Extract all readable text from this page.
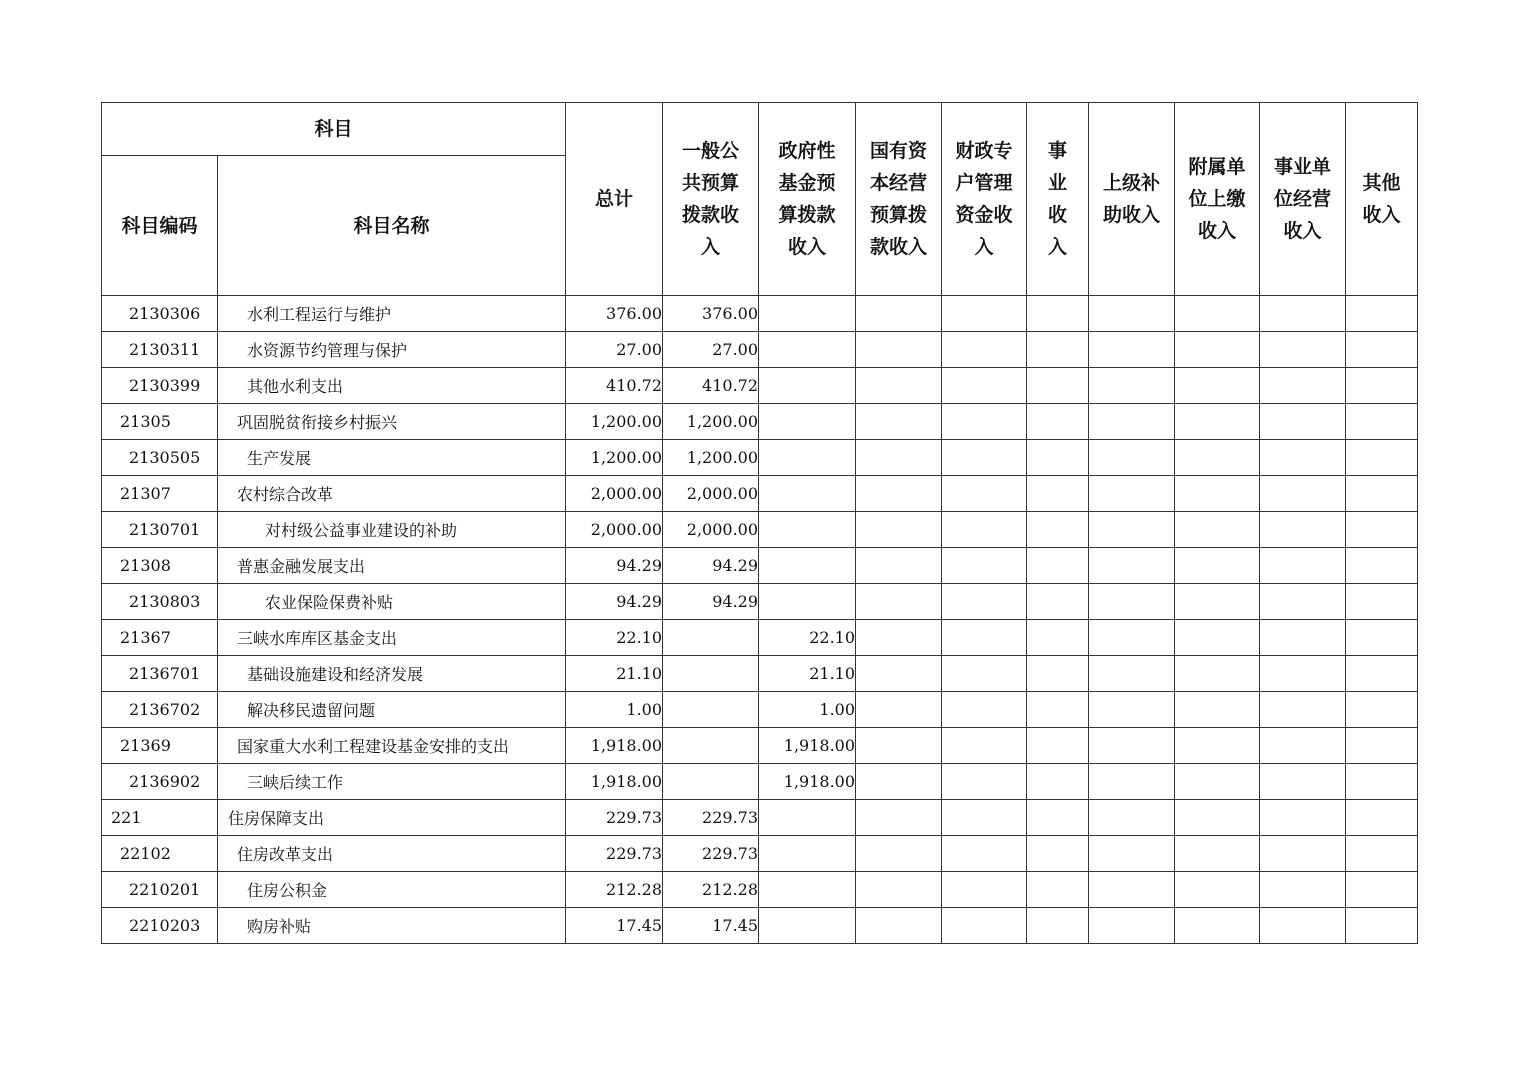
科目		总计	一般公
共预算
拨款收
入	政府性
基金预
算拨款
收入	国有资
本经营
预算拨
款收入	财政专
户管理
资金收
入	事
业
收
入	上级补
助收入	附属单
位上缴
收入	事业单
位经营
收入	其他
收入
科目编码	科目名称										
2130306	水利工程运行与维护	376.00	376.00								
2130311	水资源节约管理与保护	27.00	27.00								
2130399	其他水利支出	410.72	410.72								
21305	巩固脱贫衔接乡村振兴	1,200.00	1,200.00								
2130505	生产发展	1,200.00	1,200.00								
21307	农村综合改革	2,000.00	2,000.00								
2130701	对村级公益事业建设的补助	2,000.00	2,000.00								
21308	普惠金融发展支出	94.29	94.29								
2130803	农业保险保费补贴	94.29	94.29								
21367	三峡水库库区基金支出	22.10		22.10							
2136701	基础设施建设和经济发展	21.10		21.10							
2136702	解决移民遗留问题	1.00		1.00							
21369	国家重大水利工程建设基金安排的支出	1,918.00		1,918.00							
2136902	三峡后续工作	1,918.00		1,918.00							
221	住房保障支出	229.73	229.73								
22102	住房改革支出	229.73	229.73								
2210201	住房公积金	212.28	212.28								
2210203	购房补贴	17.45	17.45								
